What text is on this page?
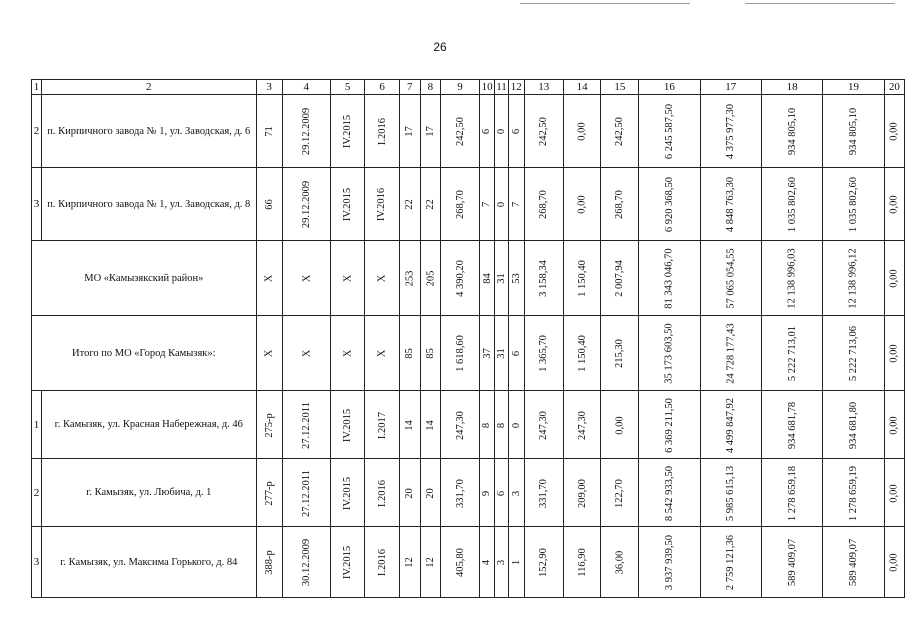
26
1	2	3	4	5	6	7	8	9	10	11	12	13	14	15	16	17	18	19	20
2	п. Кирпичного завода № 1, ул. Заводская, д. 6	71	29.12.2009	IV.2015	I.2016	17	17	242,50	6	0	6	242,50	0,00	242,50	6 245 587,50	4 375 977,30	934 805,10	934 805,10	0,00
3	п. Кирпичного завода № 1, ул. Заводская, д. 8	66	29.12.2009	IV.2015	IV.2016	22	22	268,70	7	0	7	268,70	0,00	268,70	6 920 368,50	4 848 763,30	1 035 802,60	1 035 802,60	0,00
МО «Камызякский район»		X	X	X	X	253	205	4 390,20	84	31	53	3 158,34	1 150,40	2 007,94	81 343 046,70	57 065 054,55	12 138 996,03	12 138 996,12	0,00
Итого по МО «Город Камызяк»:		X	X	X	X	85	85	1 618,60	37	31	6	1 365,70	1 150,40	215,30	35 173 603,50	24 728 177,43	5 222 713,01	5 222 713,06	0,00
1	г. Камызяк, ул. Красная Набережная, д. 46	275-р	27.12.2011	IV.2015	I.2017	14	14	247,30	8	8	0	247,30	247,30	0,00	6 369 211,50	4 499 847,92	934 681,78	934 681,80	0,00
2	г. Камызяк, ул. Любича, д. 1	277-р	27.12.2011	IV.2015	I.2016	20	20	331,70	9	6	3	331,70	209,00	122,70	8 542 933,50	5 985 615,13	1 278 659,18	1 278 659,19	0,00
3	г. Камызяк, ул. Максима Горького, д. 84	388-р	30.12.2009	IV.2015	I.2016	12	12	405,80	4	3	1	152,90	116,90	36,00	3 937 939,50	2 759 121,36	589 409,07	589 409,07	0,00
